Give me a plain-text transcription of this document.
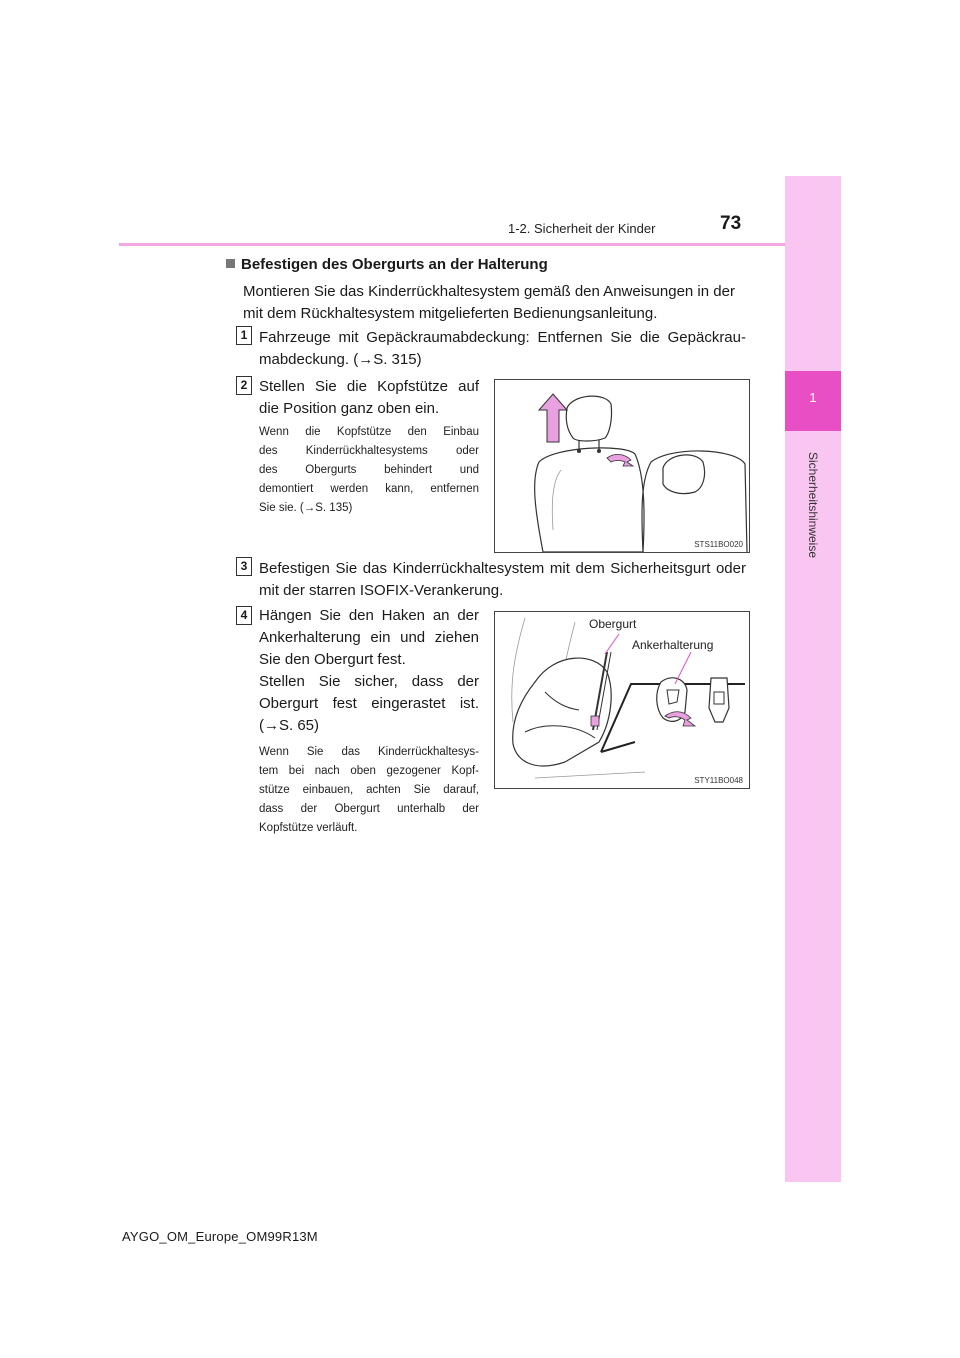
1
Sicherheitshinweise
1-2. Sicherheit der Kinder	73
Befestigen des Obergurts an der Halterung
Montieren Sie das Kinderrückhaltesystem gemäß den Anweisungen in der
mit dem Rückhaltesystem mitgelieferten Bedienungsanleitung.
1 Fahrzeuge mit Gepäckraumabdeckung: Entfernen Sie die Gepäckrau-
mabdeckung. (→S. 315)
2 Stellen Sie die Kopfstütze auf
die Position ganz oben ein.
Wenn die Kopfstütze den Einbau
des Kinderrückhaltesystems oder
des Obergurts behindert und
demontiert werden kann, entfernen
Sie sie. (→S. 135)
STS11BO020
3 Befestigen Sie das Kinderrückhaltesystem mit dem Sicherheitsgurt oder
mit der starren ISOFIX-Verankerung.
4 Hängen Sie den Haken an der
Ankerhalterung ein und ziehen
Sie den Obergurt fest.
Stellen Sie sicher, dass der
Obergurt fest eingerastet ist.
(→S. 65)
Wenn Sie das Kinderrückhaltesys-
tem bei nach oben gezogener Kopf-
stütze einbauen, achten Sie darauf,
dass der Obergurt unterhalb der
Kopfstütze verläuft.
Obergurt
Ankerhalterung
STY11BO048
AYGO_OM_Europe_OM99R13M
